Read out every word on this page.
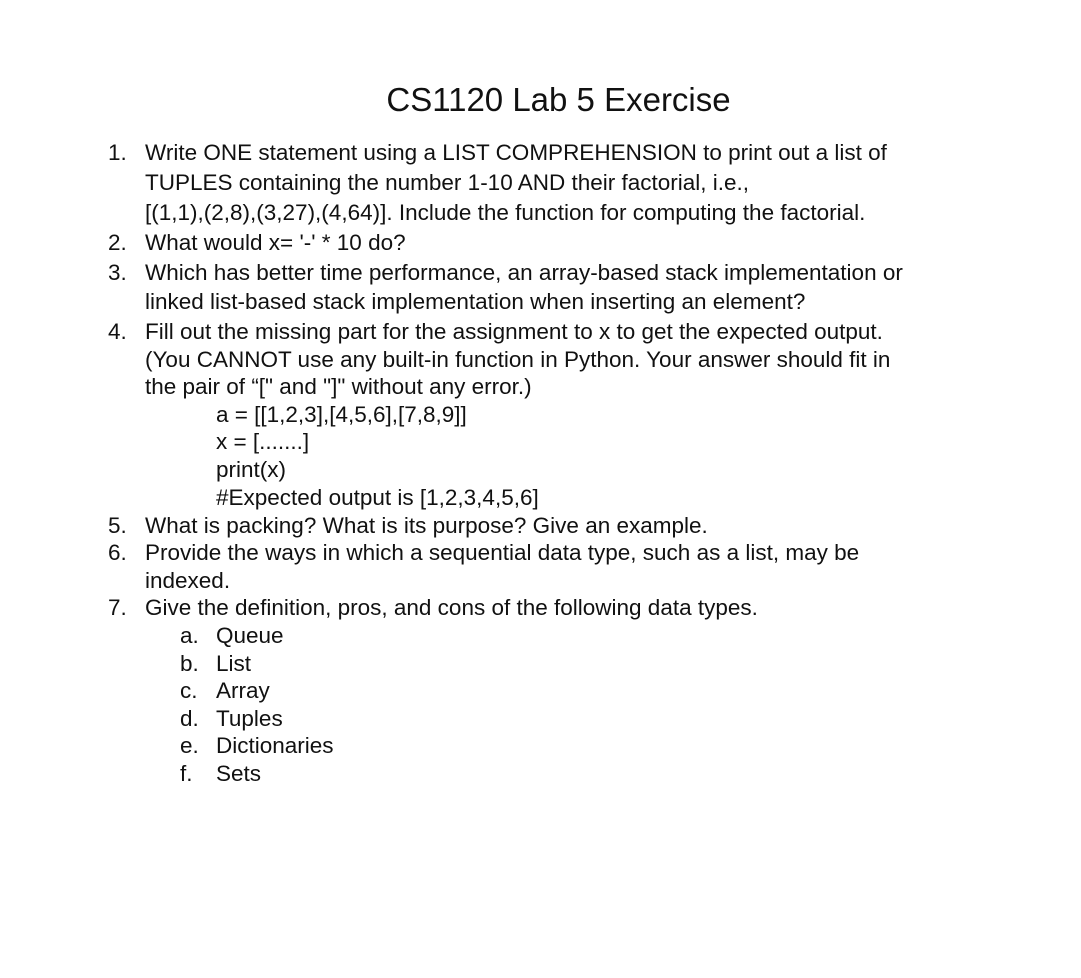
CS1120 Lab 5 Exercise
1. Write ONE statement using a LIST COMPREHENSION to print out a list of
TUPLES containing the number 1-10 AND their factorial, i.e.,
[(1,1),(2,8),(3,27),(4,64)]. Include the function for computing the factorial.
2. What would x= '-' * 10 do?
3. Which has better time performance, an array-based stack implementation or
linked list-based stack implementation when inserting an element?
4. Fill out the missing part for the assignment to x to get the expected output.
(You CANNOT use any built-in function in Python. Your answer should fit in
the pair of “[" and "]" without any error.)
a = [[1,2,3],[4,5,6],[7,8,9]]
x = [.......]
print(x)
#Expected output is [1,2,3,4,5,6]
5. What is packing? What is its purpose? Give an example.
6. Provide the ways in which a sequential data type, such as a list, may be
indexed.
7. Give the definition, pros, and cons of the following data types.
a. Queue
b. List
c. Array
d. Tuples
e. Dictionaries
f. Sets
